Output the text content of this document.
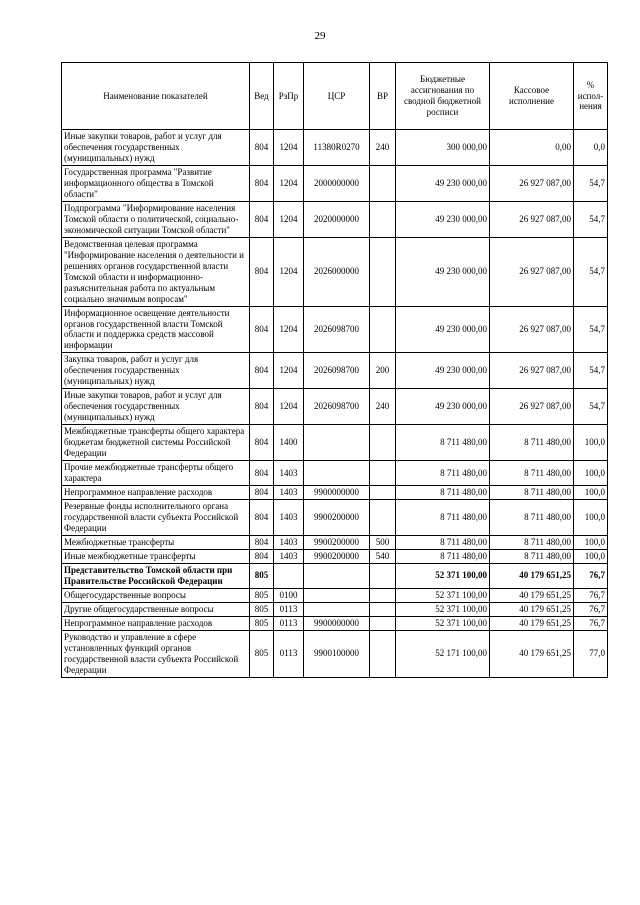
29
Наименование показателей	Вед	РзПр	ЦСР	ВР	Бюджетные ассигнования по сводной бюджетной росписи	Кассовое исполнение	% испол-нения
Иные закупки товаров, работ и услуг для обеспечения государственных (муниципальных) нужд	804	1204	11380R0270	240	300 000,00	0,00	0,0
Государственная программа "Развитие информационного общества в Томской области"	804	1204	2000000000		49 230 000,00	26 927 087,00	54,7
Подпрограмма "Информирование населения Томской области о политической, социально-экономической ситуации Томской области"	804	1204	2020000000		49 230 000,00	26 927 087,00	54,7
Ведомственная целевая программа "Информирование населения о деятельности и решениях органов государственной власти Томской области и информационно-разъяснительная работа по актуальным социально значимым вопросам"	804	1204	2026000000		49 230 000,00	26 927 087,00	54,7
Информационное освещение деятельности органов государственной власти Томской области и поддержка средств массовой информации	804	1204	2026098700		49 230 000,00	26 927 087,00	54,7
Закупка товаров, работ и услуг для обеспечения государственных (муниципальных) нужд	804	1204	2026098700	200	49 230 000,00	26 927 087,00	54,7
Иные закупки товаров, работ и услуг для обеспечения государственных (муниципальных) нужд	804	1204	2026098700	240	49 230 000,00	26 927 087,00	54,7
Межбюджетные трансферты общего характера бюджетам бюджетной системы Российской Федерации	804	1400			8 711 480,00	8 711 480,00	100,0
Прочие межбюджетные трансферты общего характера	804	1403			8 711 480,00	8 711 480,00	100,0
Непрограммное направление расходов	804	1403	9900000000		8 711 480,00	8 711 480,00	100,0
Резервные фонды исполнительного органа государственной власти субъекта Российской Федерации	804	1403	9900200000		8 711 480,00	8 711 480,00	100,0
Межбюджетные трансферты	804	1403	9900200000	500	8 711 480,00	8 711 480,00	100,0
Иные межбюджетные трансферты	804	1403	9900200000	540	8 711 480,00	8 711 480,00	100,0
Представительство Томской области при Правительстве Российской Федерации	805				52 371 100,00	40 179 651,25	76,7
Общегосударственные вопросы	805	0100			52 371 100,00	40 179 651,25	76,7
Другие общегосударственные вопросы	805	0113			52 371 100,00	40 179 651,25	76,7
Непрограммное направление расходов	805	0113	9900000000		52 371 100,00	40 179 651,25	76,7
Руководство и управление в сфере установленных функций органов государственной власти субъекта Российской Федерации	805	0113	9900100000		52 171 100,00	40 179 651,25	77,0
